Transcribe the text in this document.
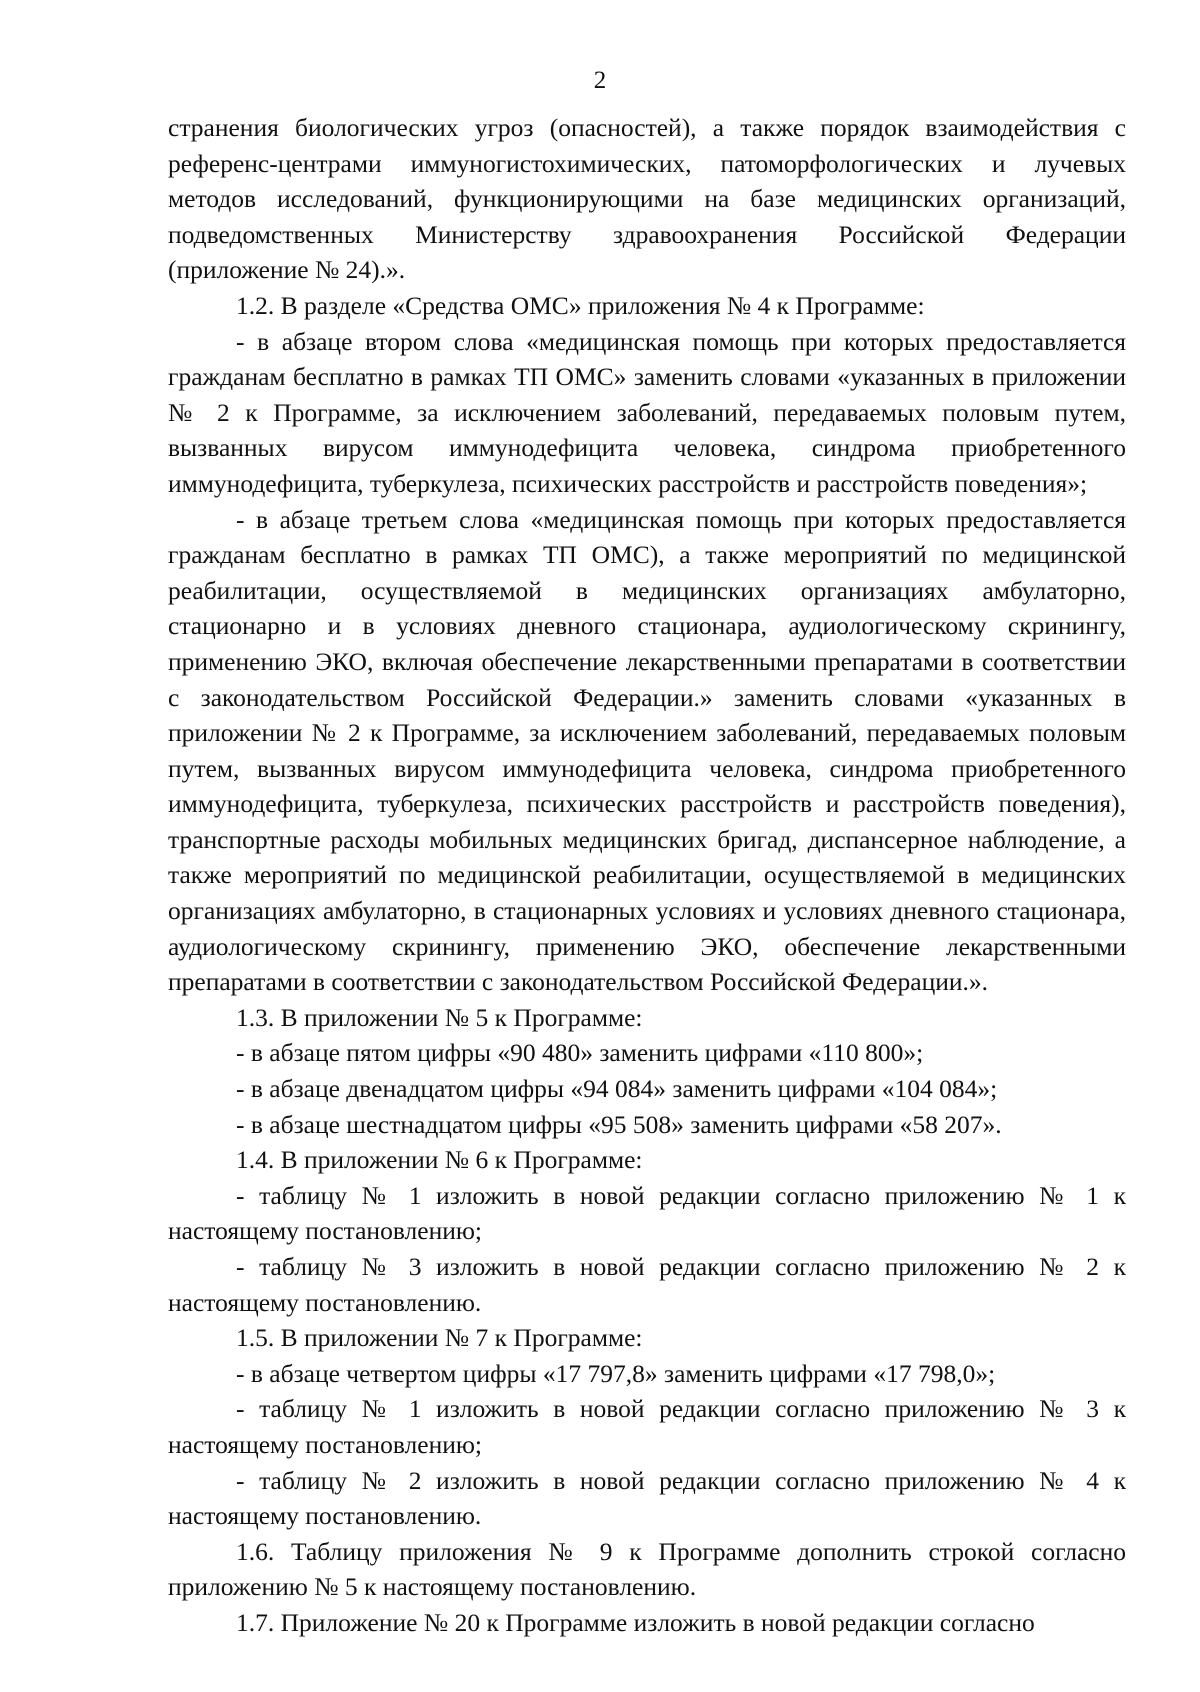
2

странения биологических угроз (опасностей), а также порядок взаимодействия с референс-центрами иммуногистохимических, патоморфологических и лучевых методов исследований, функционирующими на базе медицинских организаций, подведомственных Министерству здравоохранения Российской Федерации (приложение № 24).».

1.2. В разделе «Средства ОМС» приложения № 4 к Программе:

- в абзаце втором слова «медицинская помощь при которых предоставляется гражданам бесплатно в рамках ТП ОМС» заменить словами «указанных в приложении № 2 к Программе, за исключением заболеваний, передаваемых половым путем, вызванных вирусом иммунодефицита человека, синдрома приобретенного иммунодефицита, туберкулеза, психических расстройств и расстройств поведения»;

- в абзаце третьем слова «медицинская помощь при которых предоставляется гражданам бесплатно в рамках ТП ОМС), а также мероприятий по медицинской реабилитации, осуществляемой в медицинских организациях амбулаторно, стационарно и в условиях дневного стационара, аудиологическому скринингу, применению ЭКО, включая обеспечение лекарственными препаратами в соответствии с законодательством Российской Федерации.» заменить словами «указанных в приложении № 2 к Программе, за исключением заболеваний, передаваемых половым путем, вызванных вирусом иммунодефицита человека, синдрома приобретенного иммунодефицита, туберкулеза, психических расстройств и расстройств поведения), транспортные расходы мобильных медицинских бригад, диспансерное наблюдение, а также мероприятий по медицинской реабилитации, осуществляемой в медицинских организациях амбулаторно, в стационарных условиях и условиях дневного стационара, аудиологическому скринингу, применению ЭКО, обеспечение лекарственными препаратами в соответствии с законодательством Российской Федерации.».

1.3. В приложении № 5 к Программе:

- в абзаце пятом цифры «90 480» заменить цифрами «110 800»;

- в абзаце двенадцатом цифры «94 084» заменить цифрами «104 084»;

- в абзаце шестнадцатом цифры «95 508» заменить цифрами «58 207».

1.4. В приложении № 6 к Программе:

- таблицу № 1 изложить в новой редакции согласно приложению № 1 к настоящему постановлению;

- таблицу № 3 изложить в новой редакции согласно приложению № 2 к настоящему постановлению.

1.5. В приложении № 7 к Программе:

- в абзаце четвертом цифры «17 797,8» заменить цифрами «17 798,0»;

- таблицу № 1 изложить в новой редакции согласно приложению № 3 к настоящему постановлению;

- таблицу № 2 изложить в новой редакции согласно приложению № 4 к настоящему постановлению.

1.6. Таблицу приложения № 9 к Программе дополнить строкой согласно приложению № 5 к настоящему постановлению.

1.7. Приложение № 20 к Программе изложить в новой редакции согласно
